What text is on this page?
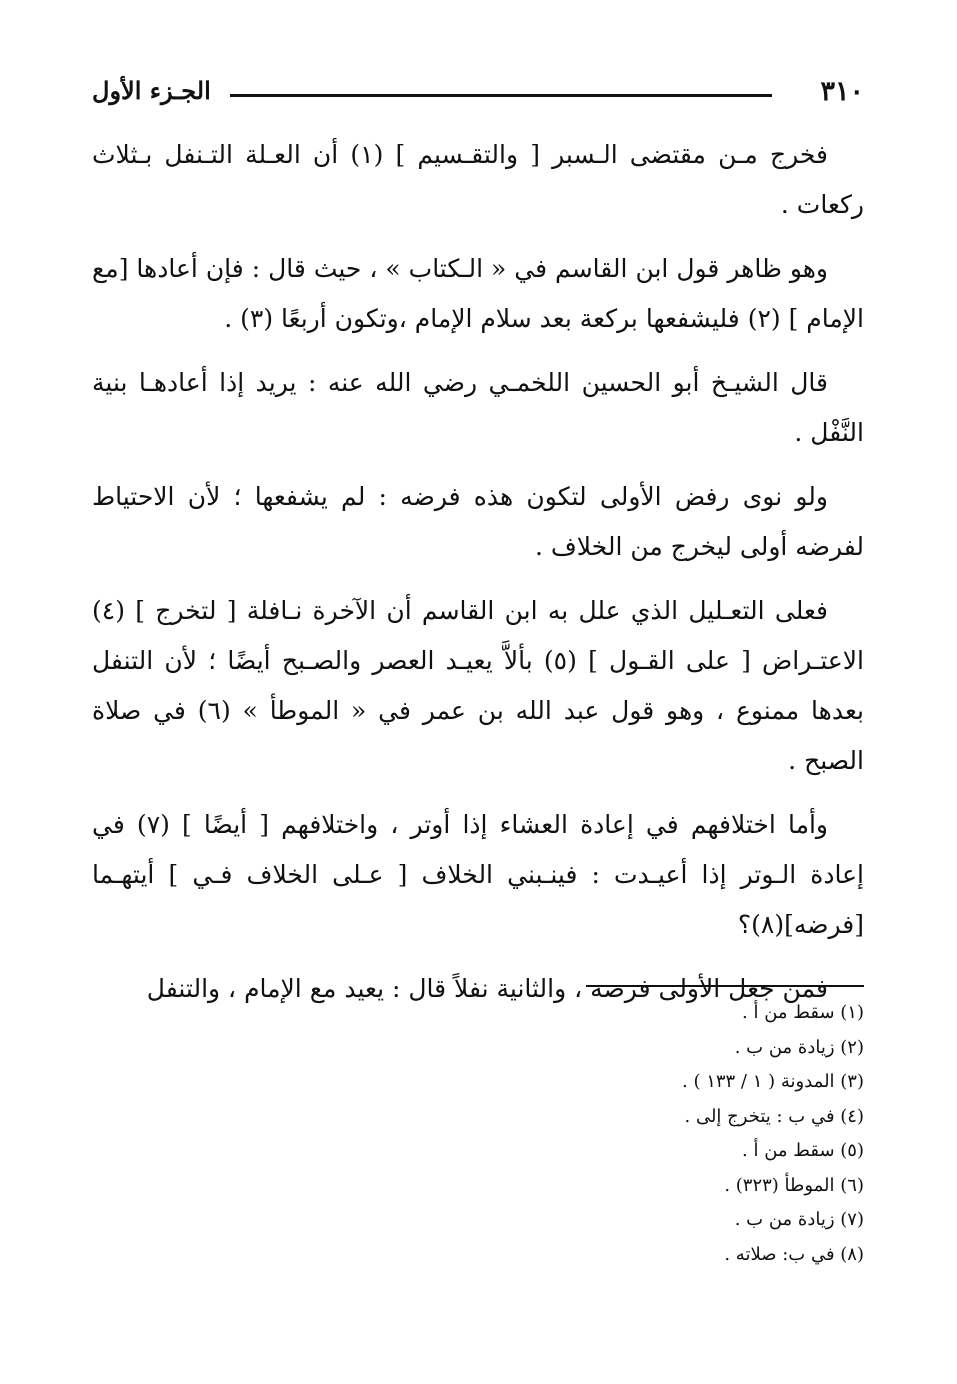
٣١٠
الجـزء الأول

فخرج مـن مقتضى الـسبر [ والتقـسيم ] (١) أن العـلة التـنفل بـثلاث ركعات .

وهو ظاهر قول ابن القاسم في « الـكتاب » ، حيث قال : فإن أعادها [مع الإمام ] (٢) فليشفعها بركعة بعد سلام الإمام ،وتكون أربعًا (٣) .

قال الشيـخ أبو الحسين اللخمـي رضي الله عنه : يريد إذا أعادهـا بنية النَّفْل .

ولو نوى رفض الأولى لتكون هذه فرضه : لم يشفعها ؛ لأن الاحتياط لفرضه أولى ليخرج من الخلاف .

فعلى التعـليل الذي علل به ابن القاسم أن الآخرة نـافلة [ لتخرج ] (٤) الاعتـراض [ على القـول ] (٥) بألاَّ يعيـد العصر والصـبح أيضًا ؛ لأن التنفل بعدها ممنوع ، وهو قول عبد الله بن عمر في « الموطأ » (٦) في صلاة الصبح .

وأما اختلافهم في إعادة العشاء إذا أوتر ، واختلافهم [ أيضًا ] (٧) في إعادة الـوتر إذا أعيـدت : فينـبني الخلاف [ عـلى الخلاف فـي ] أيتهـما [فرضه](٨)؟

فمن جعل الأولى فرضه ، والثانية نفلاً قال : يعيد مع الإمام ، والتنفل

(١) سقط من أ .
(٢) زيادة من ب .
(٣) المدونة ( ١ / ١٣٣ ) .
(٤) في ب : يتخرج إلى .
(٥) سقط من أ .
(٦) الموطأ (٣٢٣) .
(٧) زيادة من ب .
(٨) في ب: صلاته .
